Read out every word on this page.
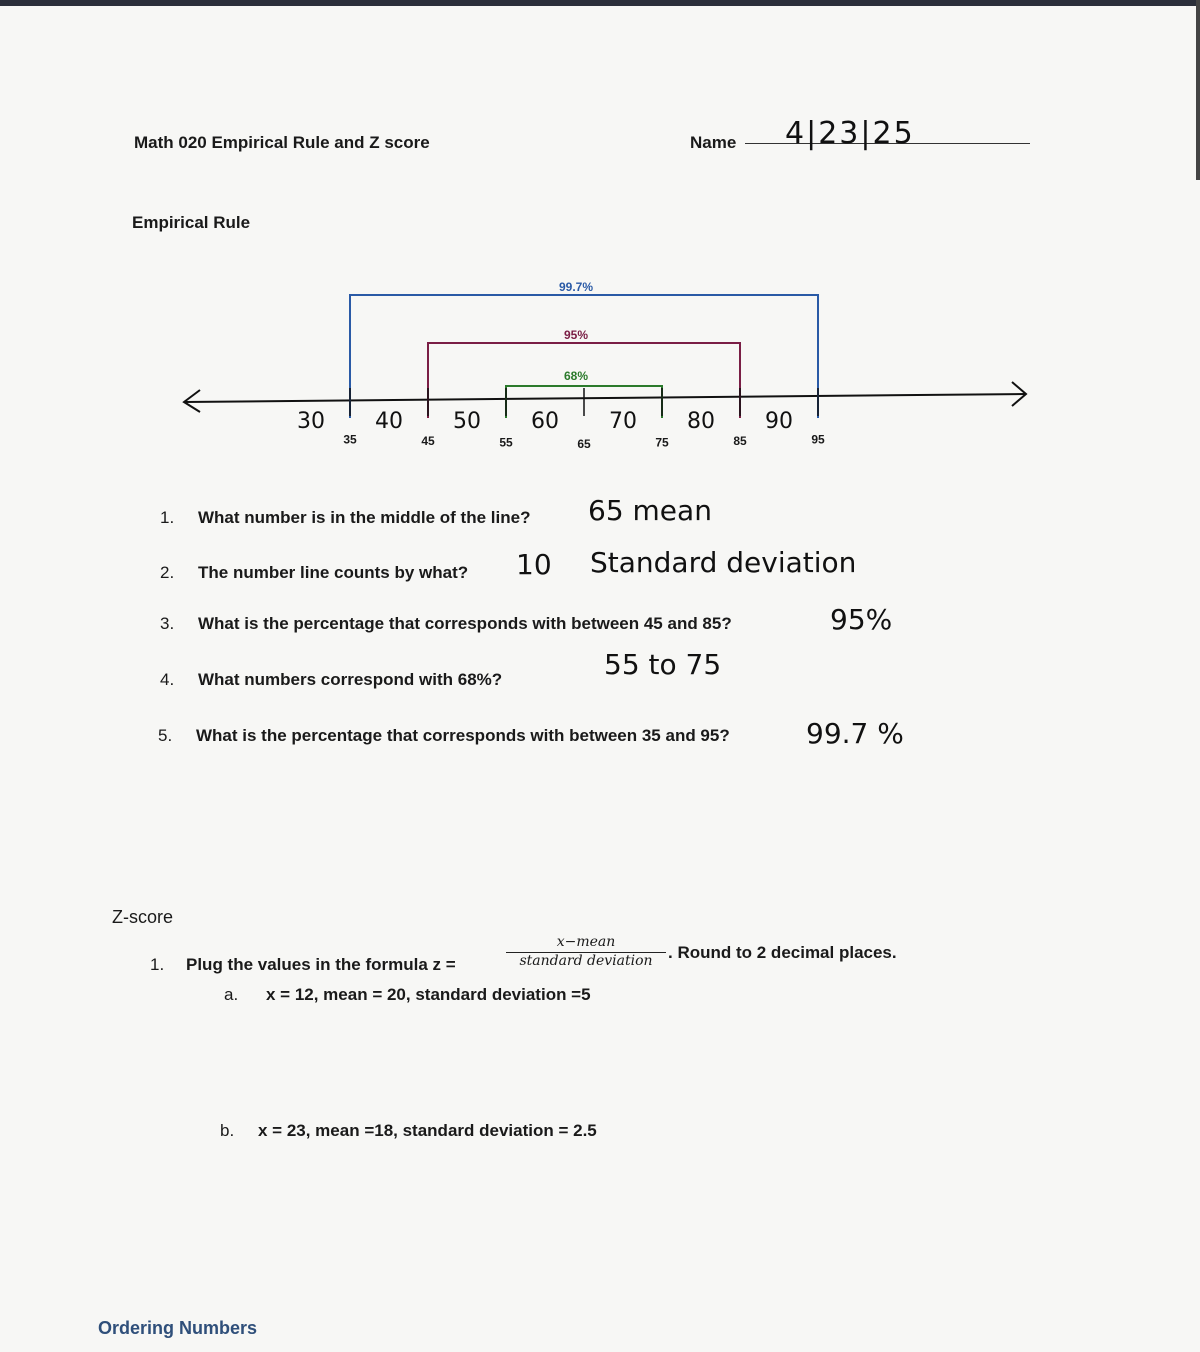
Math 020 Empirical Rule and Z score	Name 4|23|25
Empirical Rule
99.7%
95%
68%
35	45	55	65	75	85	95
30 40 50 60 70 80 90
1. What number is in the middle of the line? 65 mean
2. The number line counts by what? 10 Standard deviation
3. What is the percentage that corresponds with between 45 and 85?	95%
4. What numbers correspond with 68%?	55 to 75
5. What is the percentage that corresponds with between 35 and 95?	99.7 %
Z-score
1. Plug the values in the formula z =
x−mean
standard deviation . Round to 2 decimal places.
a. x = 12, mean = 20, standard deviation =5
b. x = 23, mean =18, standard deviation = 2.5
Ordering Numbers
